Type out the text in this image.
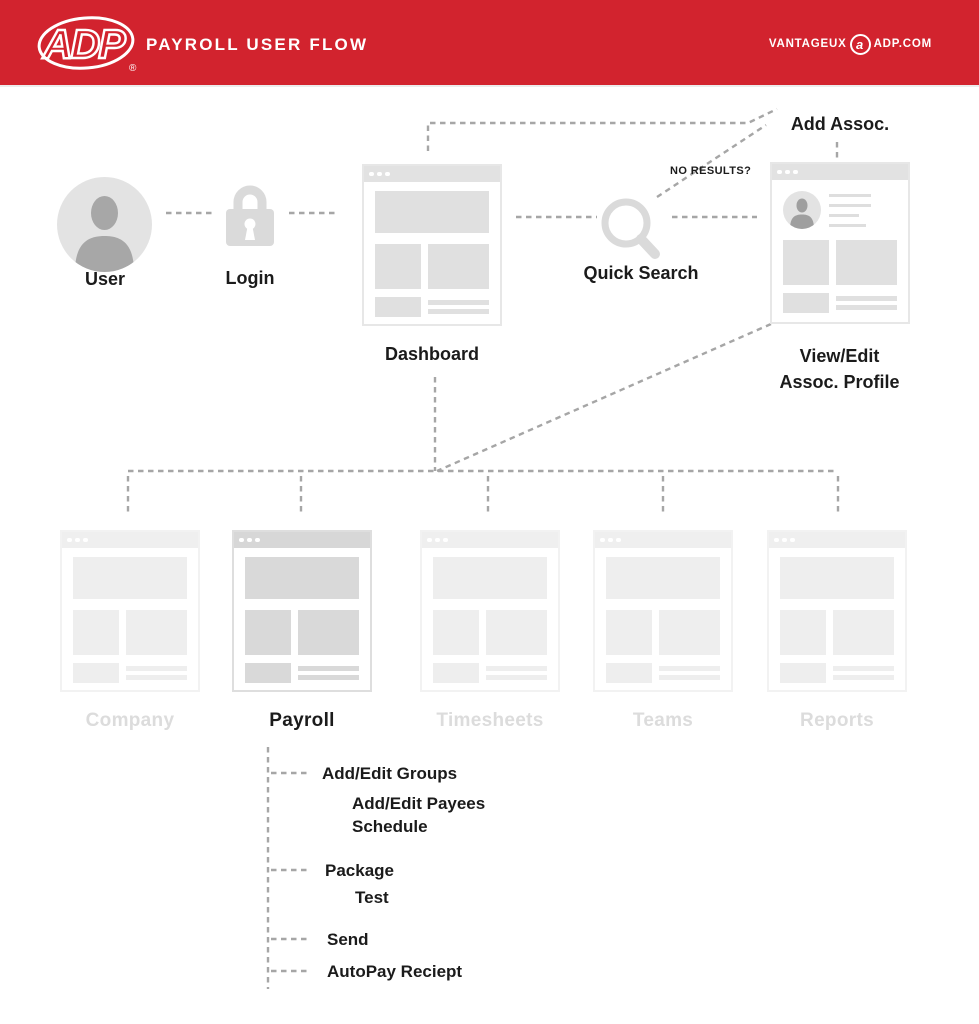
ADP
®
PAYROLL USER FLOW	VANTAGEUX a ADP.COM
User	Login
Dashboard
Quick Search
NO RESULTS?
Add Assoc.
View/Edit
Assoc. Profile
Company	Payroll	Timesheets	Teams	Reports
Add/Edit Groups
Add/Edit Payees
Schedule
Package
Test
Send
AutoPay Reciept
